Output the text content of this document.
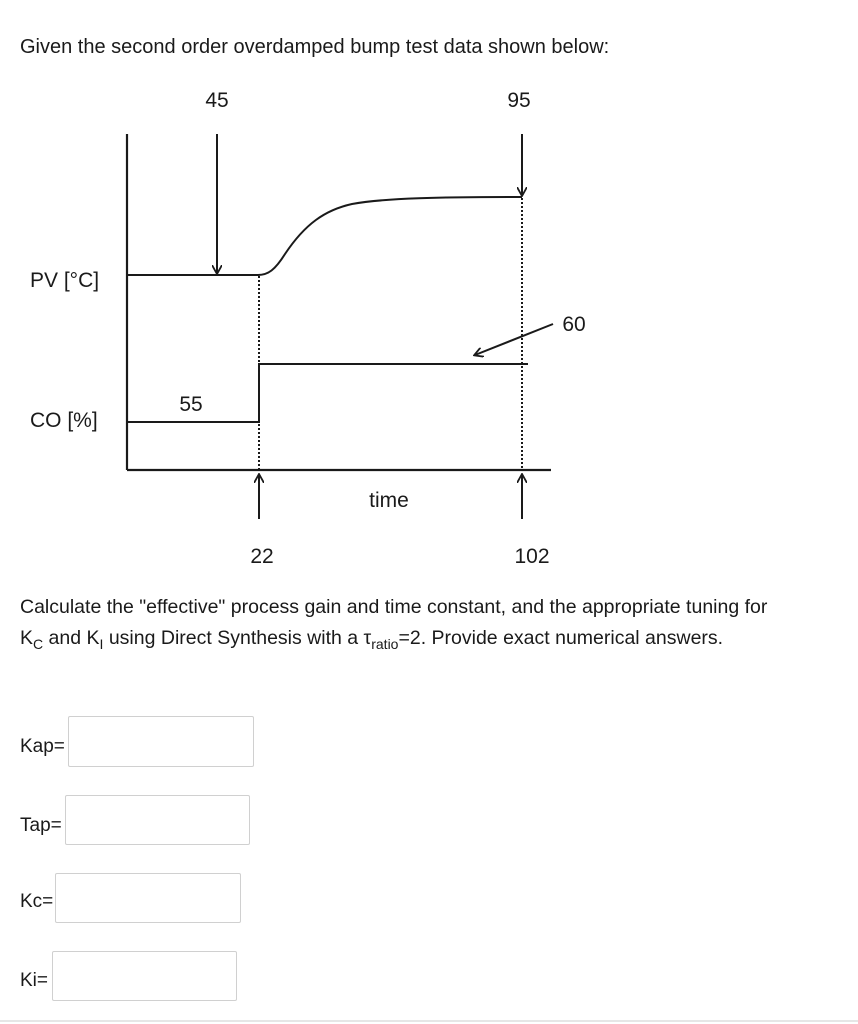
Given the second order overdamped bump test data shown below:
PV [°C]
CO [%]
time
45	95
55
60
22	102
Calculate the "effective" process gain and time constant, and the appropriate tuning for
$K_C$ and $K_I$ using Direct Synthesis with a $\tau_{ratio}=2$. Provide exact numerical answers.
Kap=
Tap=
Kc=
Ki=
